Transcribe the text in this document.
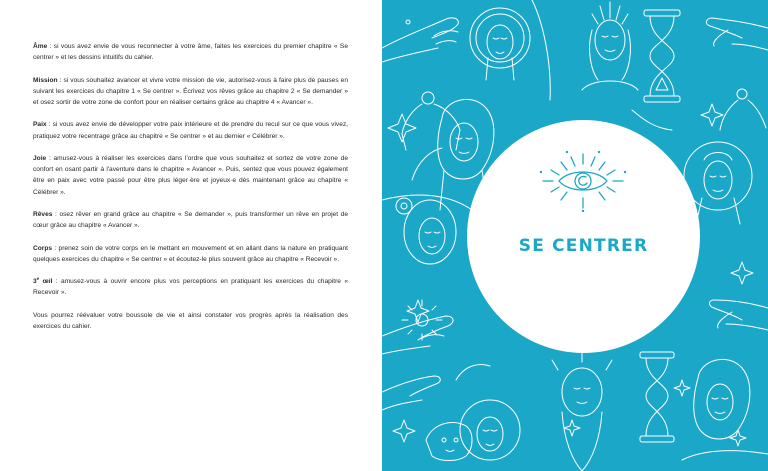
Âme : si vous avez envie de vous reconnecter à votre âme, faites les exercices du premier chapitre « Se centrer » et les dessins intuitifs du cahier.

Mission : si vous souhaitez avancer et vivre votre mission de vie, autorisez-vous à faire plus de pauses en suivant les exercices du chapitre 1 « Se centrer ». Écrivez vos rêves grâce au chapitre 2 « Se demander » et osez sortir de votre zone de confort pour en réaliser certains grâce au chapitre 4 « Avancer ».

Paix : si vous avez envie de développer votre paix intérieure et de prendre du recul sur ce que vous vivez, pratiquez votre recentrage grâce au chapitre « Se centrer » et au dernier « Célébrer ».

Joie : amusez-vous à réaliser les exercices dans l'ordre que vous souhaitez et sortez de votre zone de confort en osant partir à l'aventure dans le chapitre « Avancer ». Puis, sentez que vous pouvez également être en paix avec votre passé pour être plus léger·ère et joyeux·e dès maintenant grâce au chapitre « Célébrer ».

Rêves : osez rêver en grand grâce au chapitre « Se demander », puis transformer un rêve en projet de cœur grâce au chapitre « Avancer ».

Corps : prenez soin de votre corps en le mettant en mouvement et en allant dans la nature en pratiquant quelques exercices du chapitre « Se centrer » et écoutez-le plus souvent grâce au chapitre « Recevoir ».

3e œil : amusez-vous à ouvrir encore plus vos perceptions en pratiquant les exercices du chapitre « Recevoir ».

Vous pourrez réévaluer votre boussole de vie et ainsi constater vos progrès après la réalisation des exercices du cahier.

SE CENTRER
